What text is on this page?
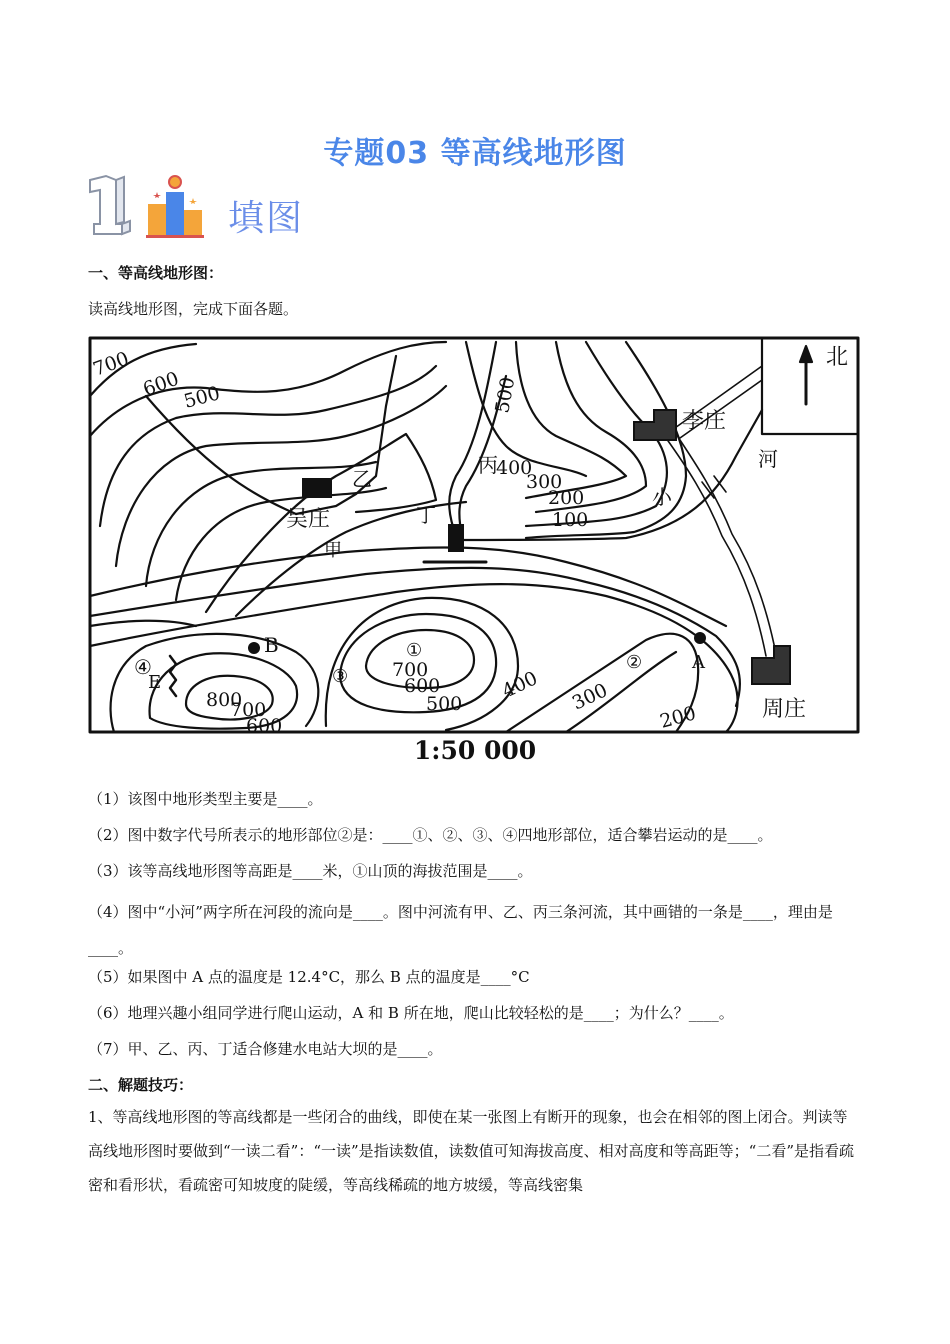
专题03 等高线地形图
填图
一、等高线地形图：
读高线地形图，完成下面各题。
北
吴庄
李庄
周庄
甲
乙
丙
丁
小
河
B
A
E
①
②
③
④
700
600 500	500
400
300
200
100
700
600
500
800
700
600
400 300
200
1:50 000
（1）该图中地形类型主要是____。
（2）图中数字代号所表示的地形部位②是：____①、②、③、④四地形部位，适合攀岩运动的是____。
（3）该等高线地形图等高距是____米，①山顶的海拔范围是____。
（4）图中“小河”两字所在河段的流向是____。图中河流有甲、乙、丙三条河流，其中画错的一条是____，理由是____。
（5）如果图中 A 点的温度是 12.4°C，那么 B 点的温度是____°C
（6）地理兴趣小组同学进行爬山运动，A 和 B 所在地，爬山比较轻松的是____；为什么？____。
（7）甲、乙、丙、丁适合修建水电站大坝的是____。
二、解题技巧：

1、等高线地形图的等高线都是一些闭合的曲线，即使在某一张图上有断开的现象，也会在相邻的图上闭合。判读等高线地形图时要做到“一读二看”：“一读”是指读数值，读数值可知海拔高度、相对高度和等高距等；“二看”是指看疏密和看形状，看疏密可知坡度的陡缓，等高线稀疏的地方坡缓，等高线密集
